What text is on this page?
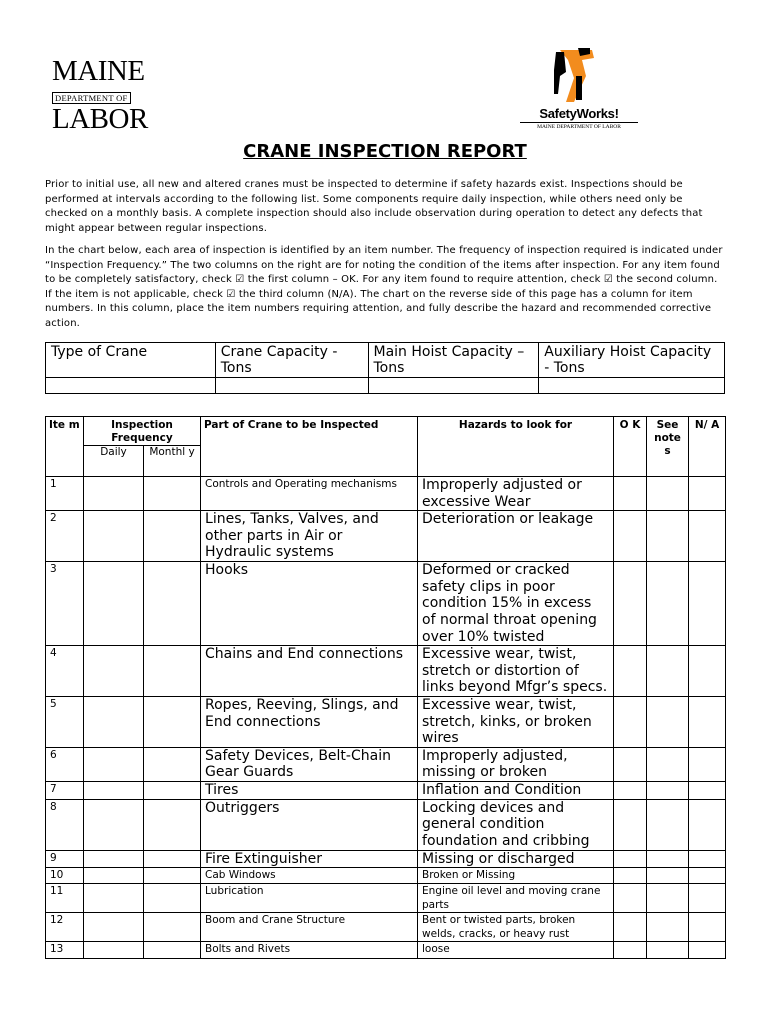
MAINE
DEPARTMENT OF
LABOR	SafetyWorks!
MAINE DEPARTMENT OF LABOR
CRANE INSPECTION REPORT

Prior to initial use, all new and altered cranes must be inspected to determine if safety hazards exist. Inspections should be performed at intervals according to the following list. Some components require daily inspection, while others need only be checked on a monthly basis. A complete inspection should also include observation during operation to detect any defects that might appear between regular inspections.

In the chart below, each area of inspection is identified by an item number. The frequency of inspection required is indicated under “Inspection Frequency.” The two columns on the right are for noting the condition of the items after inspection. For any item found to be completely satisfactory, check ☑ the first column – OK. For any item found to require attention, check ☑ the second column. If the item is not applicable, check ☑ the third column (N/A). The chart on the reverse side of this page has a column for item numbers. In this column, place the item numbers requiring attention, and fully describe the hazard and recommended corrective action.

Type of Crane	Crane Capacity - Tons	Main Hoist Capacity – Tons	Auxiliary Hoist Capacity - Tons

Ite m	Inspection Frequency		Part of Crane to be Inspected	Hazards to look for	O K	See note s	N/ A
	Daily	Monthl y					
1			Controls and Operating mechanisms	Improperly adjusted or excessive Wear			
2			Lines, Tanks, Valves, and other parts in Air or Hydraulic systems	Deterioration or leakage			
3			Hooks	Deformed or cracked safety clips in poor condition 15% in excess of normal throat opening over 10% twisted			
4			Chains and End connections	Excessive wear, twist, stretch or distortion of links beyond Mfgr’s specs.			
5			Ropes, Reeving, Slings, and End connections	Excessive wear, twist, stretch, kinks, or broken wires			
6			Safety Devices, Belt-Chain Gear Guards	Improperly adjusted, missing or broken			
7			Tires	Inflation and Condition			
8			Outriggers	Locking devices and general condition foundation and cribbing			
9			Fire Extinguisher	Missing or discharged			
10			Cab Windows	Broken or Missing			
11			Lubrication	Engine oil level and moving crane parts			
12			Boom and Crane Structure	Bent or twisted parts, broken welds, cracks, or heavy rust			
13			Bolts and Rivets	loose			
